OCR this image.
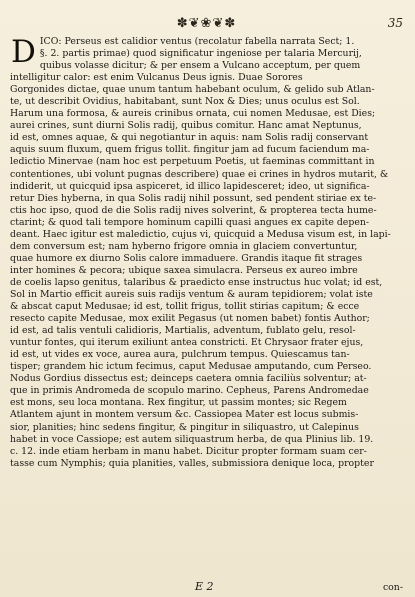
✽❦❀❦✽	35
D ICO: Perseus est calidior ventus (recolatur fabella narrata Sect; 1.
§. 2. partis primae) quod significatur ingeniose per talaria Mercurij,
quibus volasse dicitur; & per ensem a Vulcano acceptum, per quem
intelligitur calor: est enim Vulcanus Deus ignis. Duae Sorores
Gorgonides dictae, quae unum tantum habebant oculum, & gelido sub Atlan-
te, ut describit Ovidius, habitabant, sunt Nox & Dies; unus oculus est Sol.
Harum una formosa, & aureis crinibus ornata, cui nomen Medusae, est Dies;
aurei crines, sunt diurni Solis radij, quibus comitur. Hanc amat Neptunus,
id est, omnes aquae, & qui negotiantur in aquis: nam Solis radij conservant
aquis suum fluxum, quem frigus tollit. fingitur jam ad fucum faciendum ma-
ledictio Minervae (nam hoc est perpetuum Poetis, ut faeminas committant in
contentiones, ubi volunt pugnas describere) quae ei crines in hydros mutarit, &
indiderit, ut quicquid ipsa aspiceret, id illico lapidesceret; ideo, ut significa-
retur Dies hyberna, in qua Solis radij nihil possunt, sed pendent stiriae ex te-
ctis hoc ipso, quod de die Solis radij nives solverint, & propterea tecta hume-
ctarint; & quod tali tempore hominum capilli quasi angues ex capite depen-
deant. Haec igitur est maledictio, cujus vi, quicquid a Medusa visum est, in lapi-
dem conversum est; nam hyberno frigore omnia in glaciem convertuntur,
quae humore ex diurno Solis calore immaduere. Grandis itaque fit strages
inter homines & pecora; ubique saxea simulacra. Perseus ex aureo imbre
de coelis lapso genitus, talaribus & praedicto ense instructus huc volat; id est,
Sol in Martio efficit aureis suis radijs ventum & auram tepidiorem; volat iste
& abscat caput Medusae; id est, tollit frigus, tollit stirias capitum; & ecce
resecto capite Medusae, mox exilit Pegasus (ut nomen babet) fontis Author;
id est, ad talis ventuli calidioris, Martialis, adventum, fublato gelu, resol-
vuntur fontes, qui iterum exiliunt antea constricti. Et Chrysaor frater ejus,
id est, ut vides ex voce, aurea aura, pulchrum tempus. Quiescamus tan-
tisper; grandem hic ictum fecimus, caput Medusae amputando, cum Perseo.
Nodus Gordius dissectus est; deinceps caetera omnia faciliùs solventur; at-
que in primis Andromeda de scopulo marino. Cepheus, Parens Andromedae
est mons, seu loca montana. Rex fingitur, ut passim montes; sic Regem
Atlantem ajunt in montem versum &c. Cassiopea Mater est locus submis-
sior, planities; hinc sedens fingitur, & pingitur in siliquastro, ut Calepinus
habet in voce Cassiope; est autem siliquastrum herba, de qua Plinius lib. 19.
c. 12. inde etiam herbam in manu habet. Dicitur propter formam suam cer-
tasse cum Nymphis; quia planities, valles, submissiora denique loca, propter
E 2	con-
